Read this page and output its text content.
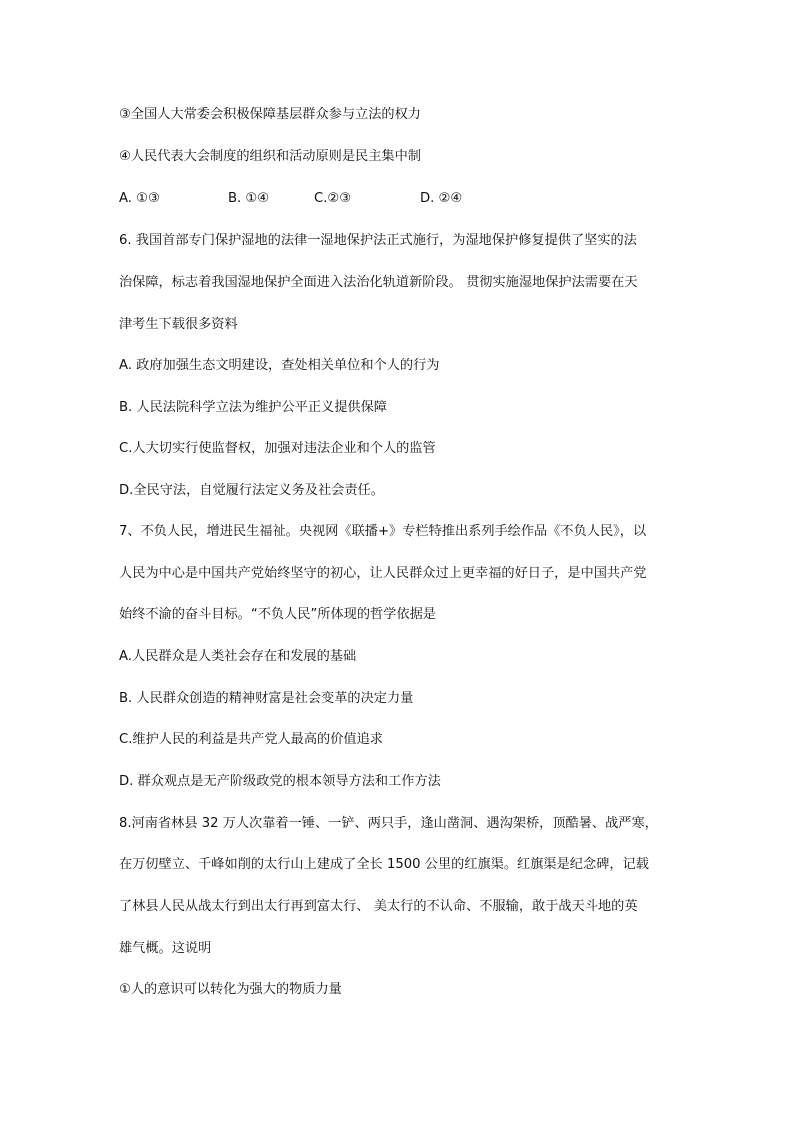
③全国人大常委会积极保障基层群众参与立法的权力
④人民代表大会制度的组织和活动原则是民主集中制
A. ①③	B. ①④	C.②③	D. ②④
6. 我国首部专门保护湿地的法律一湿地保护法正式施行，为湿地保护修复提供了坚实的法
治保障，标志着我国湿地保护全面进入法治化轨道新阶段。 贯彻实施湿地保护法需要在天
津考生下载很多资料
A. 政府加强生态文明建设，查处相关单位和个人的行为
B. 人民法院科学立法为维护公平正义提供保障
C.人大切实行使监督权，加强对违法企业和个人的监管
D.全民守法，自觉履行法定义务及社会责任。
7、不负人民，增进民生福祉。央视网《联播+》专栏特推出系列手绘作品《不负人民》，以
人民为中心是中国共产党始终坚守的初心，让人民群众过上更幸福的好日子，是中国共产党
始终不渝的奋斗目标。“不负人民”所体现的哲学依据是
A.人民群众是人类社会存在和发展的基础
B. 人民群众创造的精神财富是社会变革的决定力量
C.维护人民的利益是共产党人最高的价值追求
D. 群众观点是无产阶级政党的根本领导方法和工作方法
8.河南省林县 32 万人次靠着一锤、一铲、两只手，逢山凿洞、遇沟架桥，顶酷暑、战严寒，
在万仞壁立、千峰如削的太行山上建成了全长 1500 公里的红旗渠。红旗渠是纪念碑，记载
了林县人民从战太行到出太行再到富太行、 美太行的不认命、不服输，敢于战天斗地的英
雄气概。这说明
①人的意识可以转化为强大的物质力量
